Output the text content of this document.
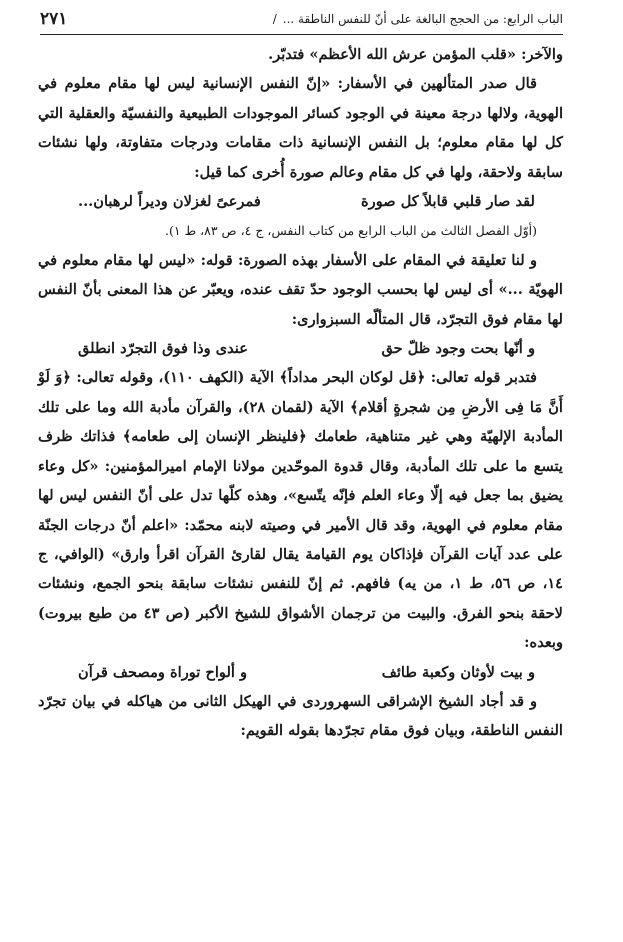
الباب الرابع: من الحجج البالغة على أنّ للنفس الناطقة ...
/
٢٧١

والآخر: «قلب المؤمن عرش الله الأعظم» فتدبّر.

قال صدر المتألهين في الأسفار: «إنّ النفس الإنسانية ليس لها مقام معلوم في الهوية، ولالها درجة معينة في الوجود كسائر الموجودات الطبيعية والنفسيّة والعقلية التي كل لها مقام معلوم؛ بل النفس الإنسانية ذات مقامات ودرجات متفاوتة، ولها نشئات سابقة ولاحقة، ولها في كل مقام وعالم صورة أُخرى كما قيل:

لقد صار قلبي قابلاً كل صورة
فمرعىً لغزلان وديراً لرهبان...

(أوّل الفصل الثالث من الباب الرابع من كتاب النفس، ج ٤، ص ٨٣، ط ١).

و لنا تعليقة في المقام على الأسفار بهذه الصورة: قوله: «ليس لها مقام معلوم في الهويّة ...» أى ليس لها بحسب الوجود حدّ تقف عنده، ويعبّر عن هذا المعنى بأنّ النفس لها مقام فوق التجرّد، قال المتألّه السبزوارى:

و أنّها بحت وجود ظلّ حق
عندى وذا فوق التجرّد انطلق

فتدبر قوله تعالى: ﴿قل لوكان البحر مداداً﴾ الآية (الكهف ١١٠)، وقوله تعالى: ﴿وَ لَوْ أَنَّ مَا فِى الأرضِ مِن شجرةٍ أقلام﴾ الآية (لقمان ٢٨)، والقرآن مأدبة الله وما على تلك المأدبة الإلهيّة وهي غير متناهية، طعامك ﴿فلينظر الإنسان إلى طعامه﴾ فذاتك ظرف يتسع ما على تلك المأدبة، وقال قدوة الموحّدين مولانا الإمام اميرالمؤمنين: «كل وعاء يضيق بما جعل فيه إلّا وعاء العلم فإنّه يتّسع»، وهذه كلّها تدل على أنّ النفس ليس لها مقام معلوم في الهوية، وقد قال الأمير في وصيته لابنه محمّد: «اعلم أنّ درجات الجنّة على عدد آيات القرآن فإذاكان يوم القيامة يقال لقارئ القرآن اقرأ وارق» (الوافي، ج ١٤، ص ٥٦، ط ١، من يه) فافهم. ثم إنّ للنفس نشئات سابقة بنحو الجمع، ونشئات لاحقة بنحو الفرق. والبيت من ترجمان الأشواق للشيخ الأكبر (ص ٤٣ من طبع بيروت) وبعده:

و بيت لأوثان وكعبة طائف
و ألواح توراة ومصحف قرآن

و قد أجاد الشيخ الإشراقى السهروردى في الهيكل الثانى من هياكله في بيان تجرّد النفس الناطقة، وبيان فوق مقام تجرّدها بقوله القويم:
